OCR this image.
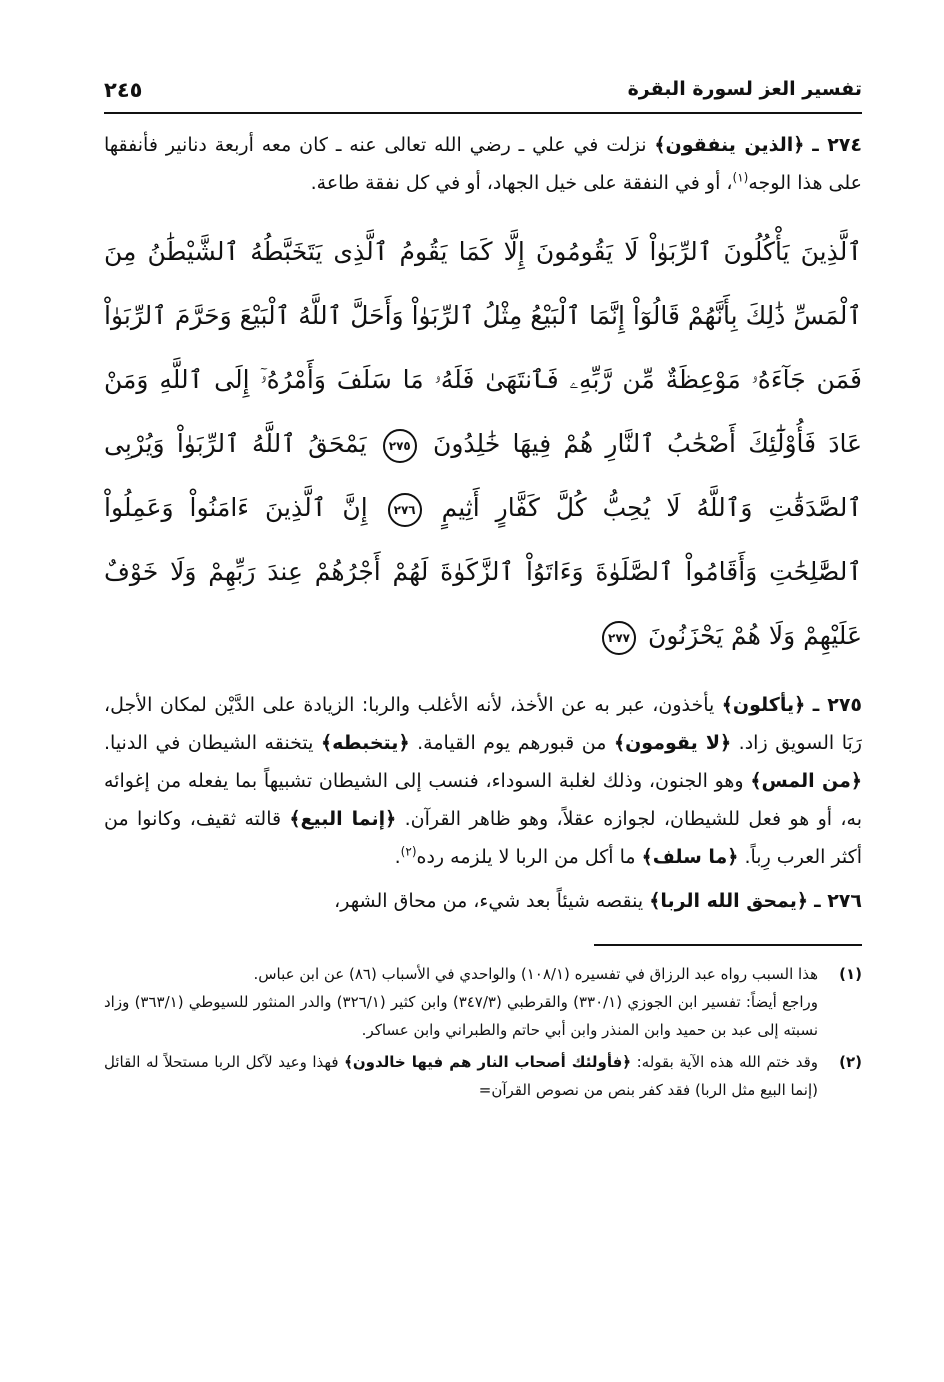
تفسير العز لسورة البقرة
٢٤٥

٢٧٤ ـ ﴿الذين ينفقون﴾ نزلت في علي ـ رضي الله تعالى عنه ـ كان معه أربعة دنانير فأنفقها على هذا الوجه$^{(١)}$، أو في النفقة على خيل الجهاد، أو في كل نفقة طاعة.

ٱلَّذِينَ يَأْكُلُونَ ٱلرِّبَوٰاْ لَا يَقُومُونَ إِلَّا كَمَا يَقُومُ ٱلَّذِى يَتَخَبَّطُهُ ٱلشَّيْطَٰنُ مِنَ ٱلْمَسِّ ذَٰلِكَ بِأَنَّهُمْ قَالُوٓاْ إِنَّمَا ٱلْبَيْعُ مِثْلُ ٱلرِّبَوٰاْ وَأَحَلَّ ٱللَّهُ ٱلْبَيْعَ وَحَرَّمَ ٱلرِّبَوٰاْ فَمَن جَآءَهُۥ مَوْعِظَةٌ مِّن رَّبِّهِۦ فَٱنتَهَىٰ فَلَهُۥ مَا سَلَفَ وَأَمْرُهُۥٓ إِلَى ٱللَّهِ وَمَنْ عَادَ فَأُوْلَٰٓئِكَ أَصْحَٰبُ ٱلنَّارِ هُمْ فِيهَا خَٰلِدُونَ ٢٧٥ يَمْحَقُ ٱللَّهُ ٱلرِّبَوٰاْ وَيُرْبِى ٱلصَّدَقَٰتِ وَٱللَّهُ لَا يُحِبُّ كُلَّ كَفَّارٍ أَثِيمٍ ٢٧٦ إِنَّ ٱلَّذِينَ ءَامَنُواْ وَعَمِلُواْ ٱلصَّٰلِحَٰتِ وَأَقَامُواْ ٱلصَّلَوٰةَ وَءَاتَوُاْ ٱلزَّكَوٰةَ لَهُمْ أَجْرُهُمْ عِندَ رَبِّهِمْ وَلَا خَوْفٌ عَلَيْهِمْ وَلَا هُمْ يَحْزَنُونَ ٢٧٧

٢٧٥ ـ ﴿يأكلون﴾ يأخذون، عبر به عن الأخذ، لأنه الأغلب والربا: الزيادة على الدَّيْن لمكان الأجل، رَبَا السويق زاد. ﴿لا يقومون﴾ من قبورهم يوم القيامة. ﴿يتخبطه﴾ يتخنقه الشيطان في الدنيا. ﴿من المس﴾ وهو الجنون، وذلك لغلبة السوداء، فنسب إلى الشيطان تشبيهاً بما يفعله من إغوائه به، أو هو فعل للشيطان، لجوازه عقلاً، وهو ظاهر القرآن. ﴿إنما البيع﴾ قالته ثقيف، وكانوا من أكثر العرب رِباً. ﴿ما سلف﴾ ما أكل من الربا لا يلزمه رده$^{(٢)}$.

٢٧٦ ـ ﴿يمحق الله الربا﴾ ينقصه شيئاً بعد شيء، من محاق الشهر،

(١)

هذا السبب رواه عبد الرزاق في تفسيره (١٠٨/١) والواحدي في الأسباب (٨٦) عن ابن عباس.

وراجع أيضاً: تفسير ابن الجوزي (٣٣٠/١) والقرطبي (٣٤٧/٣) وابن كثير (٣٢٦/١) والدر المنثور للسيوطي (٣٦٣/١) وزاد نسبته إلى عبد بن حميد وابن المنذر وابن أبي حاتم والطبراني وابن عساكر.

(٢)

وقد ختم الله هذه الآية بقوله: ﴿فأولئك أصحاب النار هم فيها خالدون﴾ فهذا وعيد لآكل الربا مستحلاً له القائل (إنما البيع مثل الربا) فقد كفر بنص من نصوص القرآن=
